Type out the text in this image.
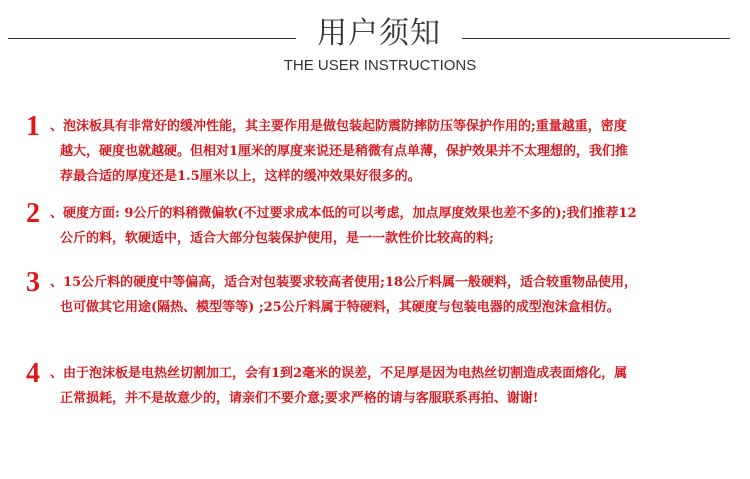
用户须知
THE USER INSTRUCTIONS
1 、泡沫板具有非常好的缓冲性能，其主要作用是做包装起防震防摔防压等保护作用的;重量越重，密度
越大，硬度也就越硬。但相对1厘米的厚度来说还是稍微有点单薄，保护效果并不太理想的，我们推
荐最合适的厚度还是1.5厘米以上，这样的缓冲效果好很多的。
2 、硬度方面: 9公斤的料稍微偏软(不过要求成本低的可以考虑，加点厚度效果也差不多的);我们推荐12
公斤的料，软硬适中，适合大部分包装保护使用，是一一款性价比较高的料;
3 、15公斤料的硬度中等偏高，适合对包装要求较高者使用;18公斤料属一般硬料，适合较重物品使用，
也可做其它用途(隔热、模型等等) ;25公斤料属于特硬料，其硬度与包装电器的成型泡沫盒相仿。
4 、由于泡沫板是电热丝切割加工，会有1到2毫米的误差，不足厚是因为电热丝切割造成表面熔化，属
正常损耗，并不是故意少的，请亲们不要介意;要求严格的请与客服联系再拍、谢谢!
